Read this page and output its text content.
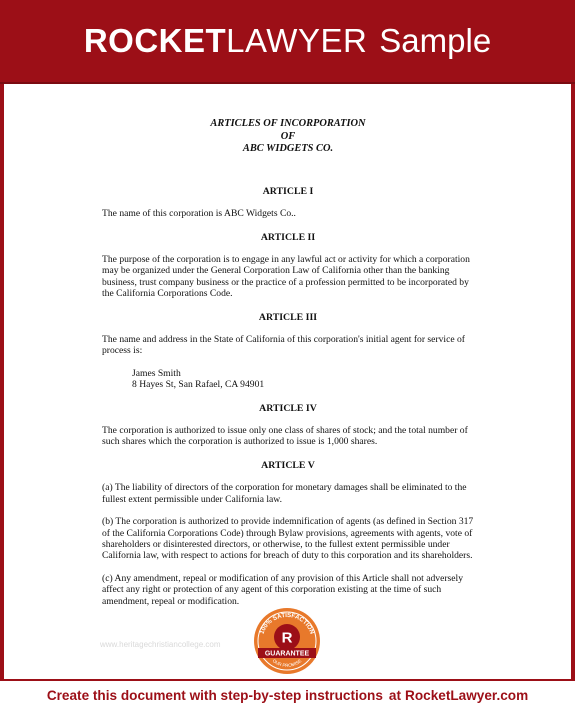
ROCKET LAWYER Sample
ARTICLES OF INCORPORATION
OF
ABC WIDGETS CO.
ARTICLE I
The name of this corporation is ABC Widgets Co..
ARTICLE II
The purpose of the corporation is to engage in any lawful act or activity for which a corporation may be organized under the General Corporation Law of California other than the banking business, trust company business or the practice of a profession permitted to be incorporated by the California Corporations Code.
ARTICLE III
The name and address in the State of California of this corporation's initial agent for service of process is:
James Smith
8 Hayes St, San Rafael, CA 94901
ARTICLE IV
The corporation is authorized to issue only one class of shares of stock; and the total number of such shares which the corporation is authorized to issue is 1,000 shares.
ARTICLE V
(a) The liability of directors of the corporation for monetary damages shall be eliminated to the fullest extent permissible under California law.
(b) The corporation is authorized to provide indemnification of agents (as defined in Section 317 of the California Corporations Code) through Bylaw provisions, agreements with agents, vote of shareholders or disinterested directors, or otherwise, to the fullest extent permissible under California law, with respect to actions for breach of duty to this corporation and its shareholders.
(c) Any amendment, repeal or modification of any provision of this Article shall not adversely affect any right or protection of any agent of this corporation existing at the time of such amendment, repeal or modification.
www.heritagechristiancollege.com
100% SATISFACTION
R
GUARANTEE
OUR PROMISE
Create this document with step-by-step instructions at RocketLawyer.com
